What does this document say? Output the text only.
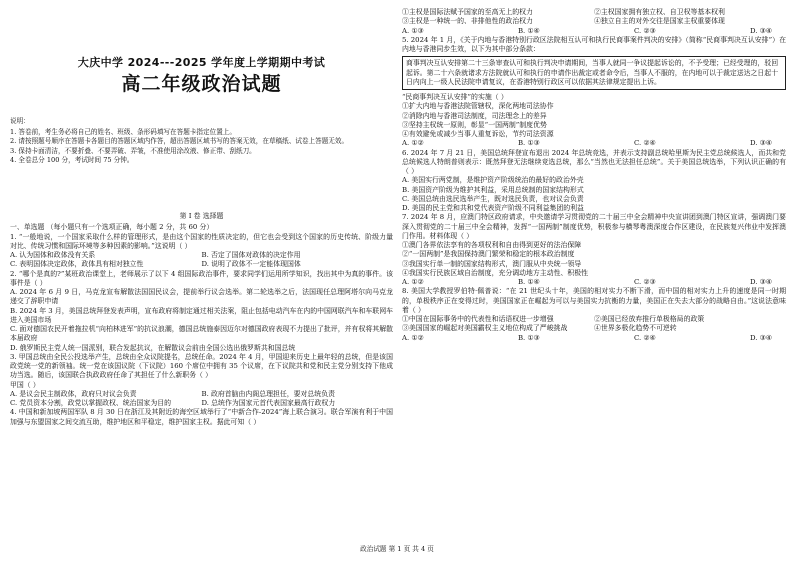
大庆中学 2024---2025 学年度上学期期中考试
高二年级政治试题
说明：

1. 答卷前，考生务必将自己的姓名、班级、条形码填写在答题卡指定位置上。

2. 请按照题号顺序在答题卡各题目的答题区域内作答，超出答题区域书写的答案无效，在草稿纸、试卷上答题无效。

3. 保持卡面清洁，不要折叠、不要弄破、弄皱，不准使用涂改液、修正带、刮纸刀。

4. 全卷总分 100 分，考试时间 75 分钟。

第 I 卷 选择题

一、单选题 （每小题只有一个选项正确，每小题 2 分，共 60 分）

1. “一般地说，一个国家采取什么样的管理形式，是由这个国家的性质决定的，但它也会受到这个国家的历史传统、阶级力量对比、传统习惯和国际环境等多种因素的影响。”这说明（ ）

A. 认为国体和政体没有关系	B. 否定了国体对政体的决定作用
C. 表明国体决定政体，政体具有相对独立性	D. 说明了政体不一定能体现国体

2. “哪个是真的?”某班政治课堂上，老师展示了以下 4 组国际政治事件，要求同学们运用所学知识，找出其中为真的事件。该事件是（ ）

A. 2024 年 6 月 9 日，马克龙宣布解散法国国民议会，提前举行议会选举。第二轮选举之后，法国现任总理阿塔尔向马克龙递交了辞职申请

B. 2024 年 3 月，美国总统拜登发表声明，宣布政府将制定通过相关法案，阻止包括电动汽车在内的中国网联汽车和车联网车进入美国市场

C. 面对德国农民开着拖拉机“向柏林进军”的抗议浪潮，德国总统施泰因迈尔对德国政府表现不力提出了批评，并有权将其解散本届政府

D. 俄罗斯民主党人统一国派别，联合发起抗议，在解散议会前由全国公选出俄罗斯共和国总统

3. 甲国总统由全民公投选举产生，总统由全众议院提名，总统任命。2024 年 4 月，甲国迎来历史上最年轻的总统，但是该国政党统一党的新领袖。统一党在该国议院（下议院）160 个席位中拥有 35 个议席，在下议院共和党和民主党分别支持下他成功当选。随后，该国联合执政政府任命了其担任了什么新职务（ ）

甲国（ ）

A. 是议会民主制政体，政府只对议会负责	B. 政府首脑由内阁总理担任，要对总统负责
C. 党员资本分割，政党以掌握政权、统治国家为目的	D. 总统作为国家元首代表国家最高行政权力

4. 中国和新加坡两国军队 8 月 30 日在浙江及其附近的海空区域举行了“中新合作-2024”海上联合演习。联合军演有利于中国加强与东盟国家之间交流互助，维护地区和平稳定，维护国家主权。据此可知（ ）

①主权是国际法赋予国家的至高无上的权力	②主权国家拥有独立权、自卫权等基本权利
③主权是一种统一的、非排他性的政治权力	④独立自主的对外交往是国家主权重要体现
A. ①③	B. ①④	C. ②③	D. ③④

5. 2024 年 1 月，《关于内地与香港特别行政区法院相互认可和执行民商事案件判决的安排》（简称“民商事判决互认安排”）在内地与香港同步生效，以下为其中部分条款：

商事判决互认安排第二十三条审查认可和执行判决申请期间，当事人就同一争议提起诉讼的，不予受理；已经受理的，驳回起诉。第二十六条就诸求方法院就认可和执行的申请作出裁定或者命令后，当事人不服的，在内地可以于裁定送达之日起十日内向上一级人民法院申请复议，在香港特别行政区可以依据其法律规定提出上诉。

“民商事判决互认安排”的实施（ ）

①扩大内地与香港法院管辖权，深化两地司法协作

②消除内地与香港司法制度，司法理念上的差异

③坚持主权统一原则，彰显“一国两制”制度优势

④有效避免或减少当事人重复诉讼，节约司法资源

A. ①②	B. ①③	C. ②④	D. ③④

6. 2024 年 7 月 21 日，美国总统拜登宣布退出 2024 年总统竞选，并表示支持副总统哈里斯为民主党总统候选人，而共和党总统候选人特朗普则表示：既然拜登无法继续竞选总统，那么“当然也无法担任总统”。关于美国总统选举，下列认识正确的有（ ）

A. 美国实行两党制，是维护资产阶级统治的最好的政治外壳

B. 美国资产阶级为维护其利益，采用总统制的国家结构形式

C. 美国总统由选民选举产生，既对选民负责，也对议会负责

D. 美国的民主党和共和党代表资产阶级不同利益集团的利益

7. 2024 年 8 月，应澳门特区政府请求，中央邀请学习贯彻党的二十届三中全会精神中央宣讲团到澳门特区宣讲，强调澳门要深入贯彻党的二十届三中全会精神，发挥“一国两制”制度优势，积极参与横琴粤澳深度合作区建设，在民族复兴伟业中发挥澳门作用。材料体现（ ）

①澳门各界依法享有的各项权利和自由得到更好的法治保障

②“一国两制”是我国保持澳门繁荣和稳定的根本政治制度

③我国实行单一制的国家结构形式，澳门服从中央统一领导

④我国实行民族区域自治制度，充分调动地方主动性、积极性

A. ①②	B. ①④	C. ②③	D. ③④

8. 美国大学教授罗伯特·佩普说：“在 21 世纪头十年，美国的相对实力不断下滑，而中国的相对实力上升的速度是同一时期的，单极秩序正在变得过时，美国国家正在崛起为可以与美国实力抗衡的力量，美国正在失去大部分的战略自由。”这说法意味着（ ）

①中国在国际事务中的代表性和话语权进一步增强	②美国已经放弃推行单极格局的政策
③美国国家的崛起对美国霸权主义地位构成了严峻挑战	④世界多极化趋势不可逆转
A. ①②	B. ①③	C. ②④	D. ③④
政治试题 第 1 页 共 4 页
